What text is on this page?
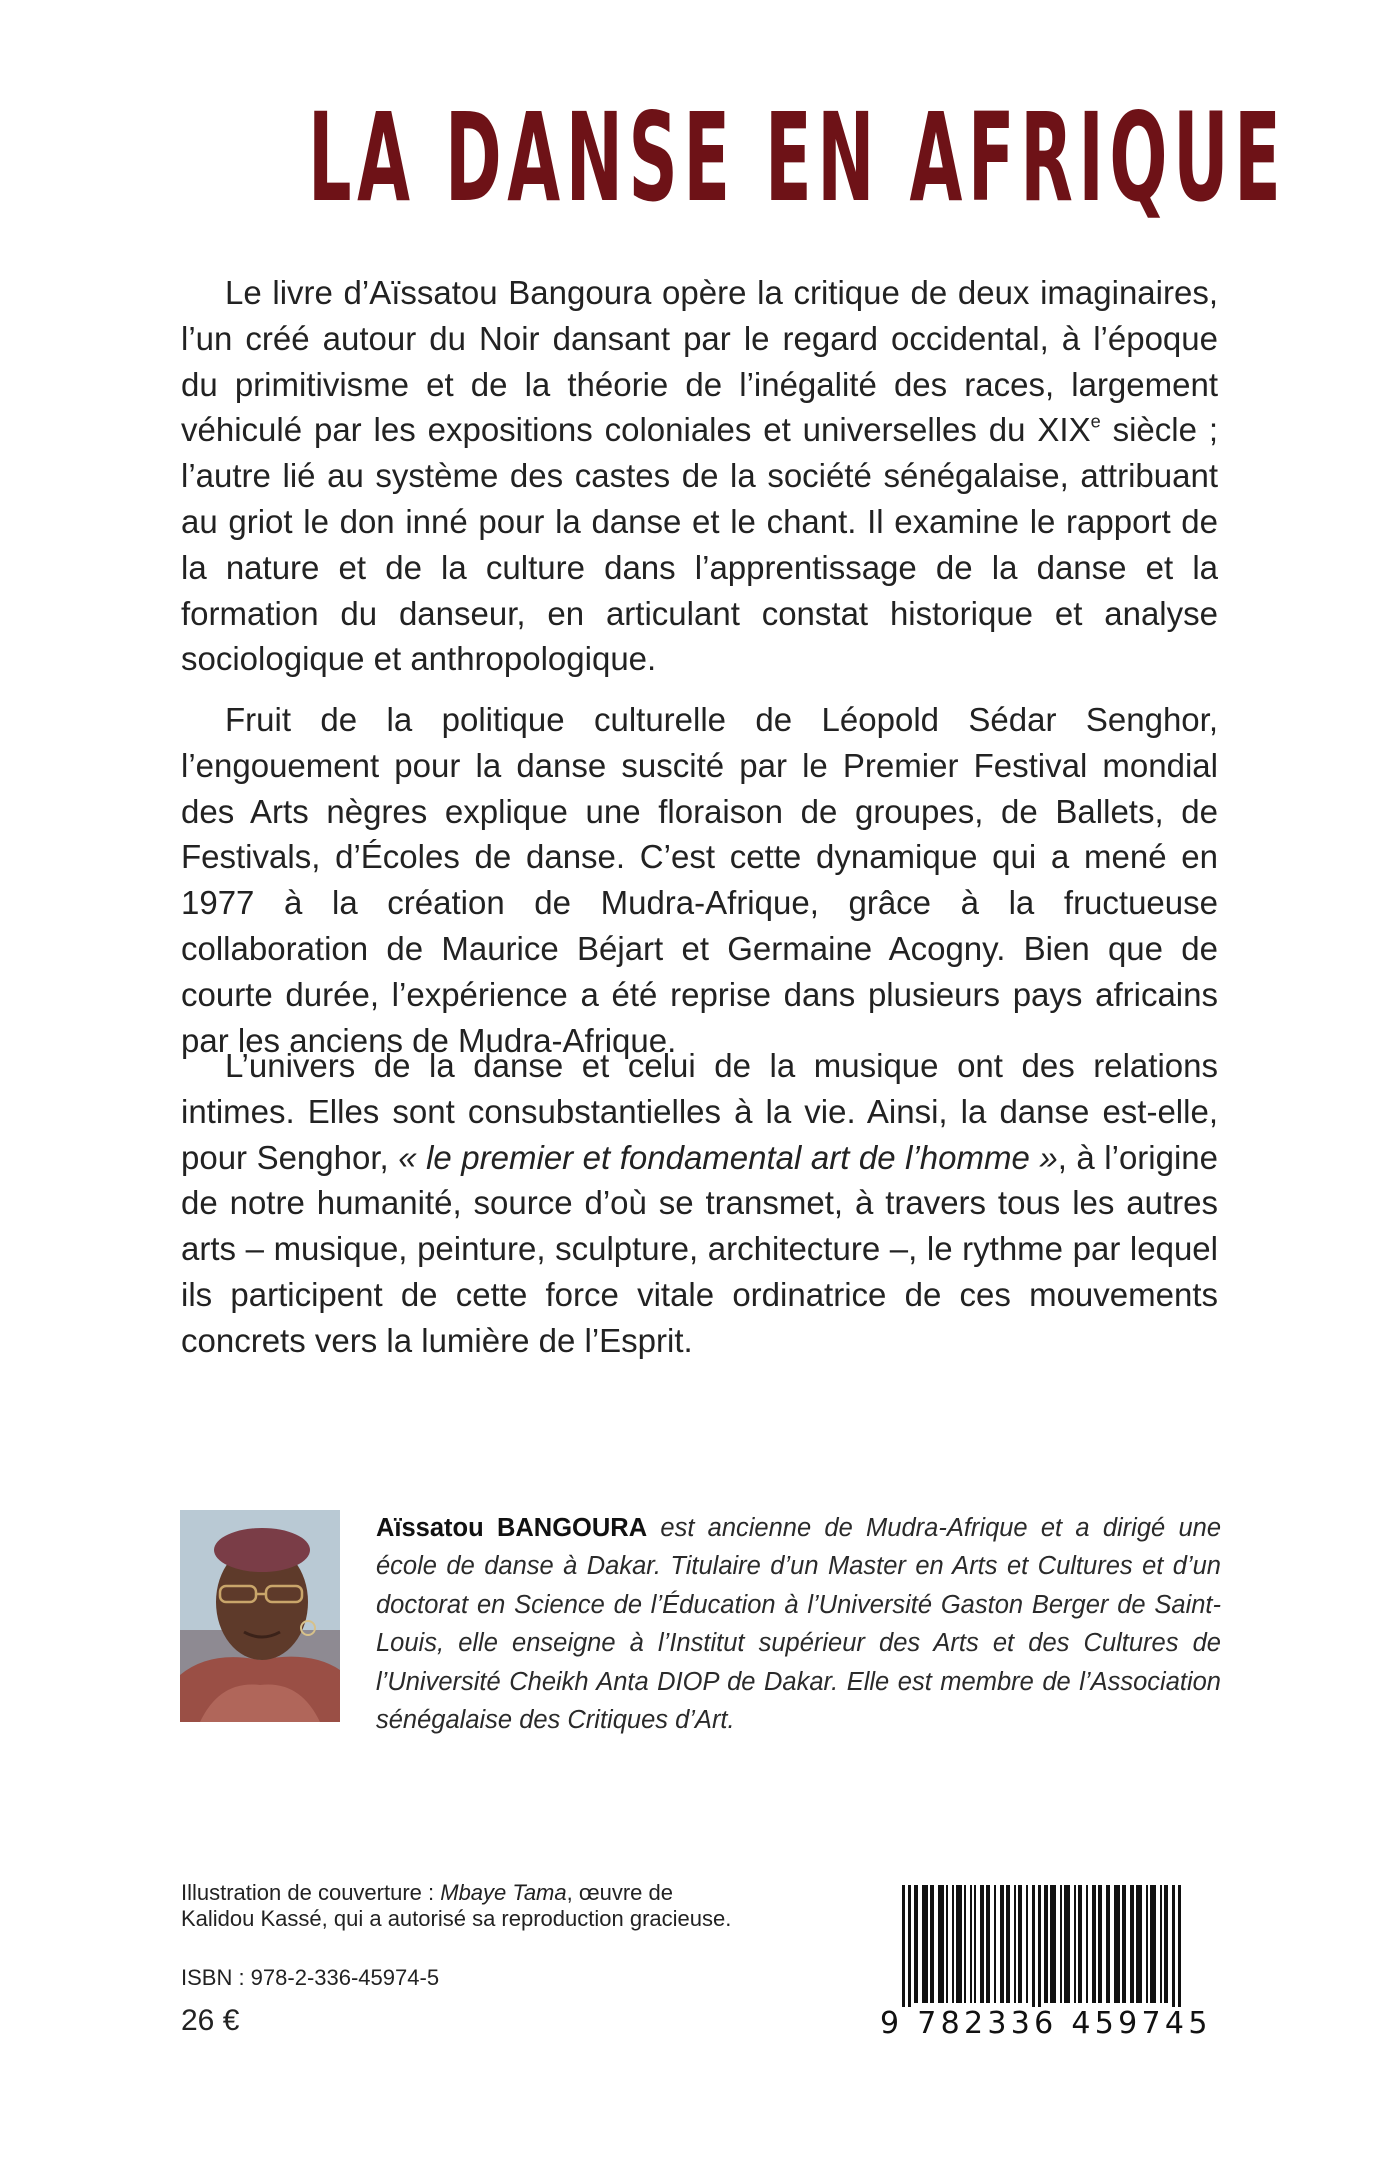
LA DANSE EN AFRIQUE

Le livre d’Aïssatou Bangoura opère la critique de deux imaginaires, l’un créé autour du Noir dansant par le regard occidental, à l’époque du primitivisme et de la théorie de l’inégalité des races, largement véhiculé par les expositions coloniales et universelles du XIXe siècle ; l’autre lié au système des castes de la société sénégalaise, attribuant au griot le don inné pour la danse et le chant. Il examine le rapport de la nature et de la culture dans l’apprentissage de la danse et la formation du danseur, en articulant constat historique et analyse sociologique et anthropologique.

Fruit de la politique culturelle de Léopold Sédar Senghor, l’engouement pour la danse suscité par le Premier Festival mondial des Arts nègres explique une floraison de groupes, de Ballets, de Festivals, d’Écoles de danse. C’est cette dynamique qui a mené en 1977 à la création de Mudra-Afrique, grâce à la fructueuse collaboration de Maurice Béjart et Germaine Acogny. Bien que de courte durée, l’expérience a été reprise dans plusieurs pays africains par les anciens de Mudra-Afrique.

L’univers de la danse et celui de la musique ont des relations intimes. Elles sont consubstantielles à la vie. Ainsi, la danse est-elle, pour Senghor, « le premier et fondamental art de l’homme », à l’origine de notre humanité, source d’où se transmet, à travers tous les autres arts – musique, peinture, sculpture, architecture –, le rythme par lequel ils participent de cette force vitale ordinatrice de ces mouvements concrets vers la lumière de l’Esprit.

Aïssatou BANGOURA est ancienne de Mudra-Afrique et a dirigé une école de danse à Dakar. Titulaire d’un Master en Arts et Cultures et d’un doctorat en Science de l’Éducation à l’Université Gaston Berger de Saint-Louis, elle enseigne à l’Institut supérieur des Arts et des Cultures de l’Université Cheikh Anta DIOP de Dakar. Elle est membre de l’Association sénégalaise des Critiques d’Art.
Illustration de couverture : Mbaye Tama, œuvre de
Kalidou Kassé, qui a autorisé sa reproduction gracieuse.
ISBN : 978-2-336-45974-5
26 €	9 782336 459745
